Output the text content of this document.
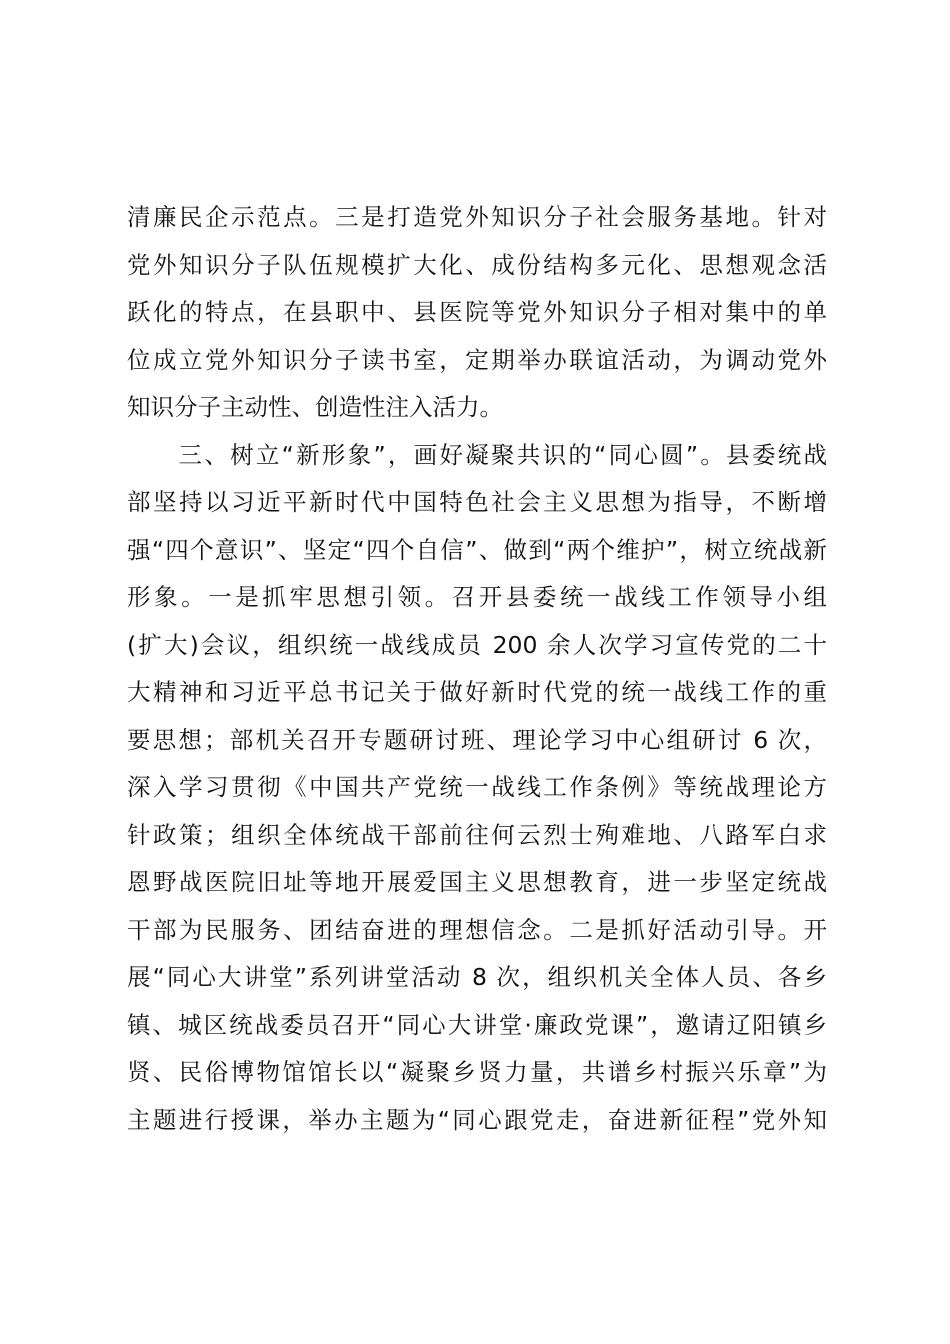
清廉民企示范点。三是打造党外知识分子社会服务基地。针对
党外知识分子队伍规模扩大化、成份结构多元化、思想观念活
跃化的特点，在县职中、县医院等党外知识分子相对集中的单
位成立党外知识分子读书室，定期举办联谊活动，为调动党外
知识分子主动性、创造性注入活力。
　　三、树立“新形象”，画好凝聚共识的“同心圆”。县委统战
部坚持以习近平新时代中国特色社会主义思想为指导，不断增
强“四个意识”、坚定“四个自信”、做到“两个维护”，树立统战新
形象。一是抓牢思想引领。召开县委统一战线工作领导小组
(扩大)会议，组织统一战线成员 200 余人次学习宣传党的二十
大精神和习近平总书记关于做好新时代党的统一战线工作的重
要思想；部机关召开专题研讨班、理论学习中心组研讨 6 次，
深入学习贯彻《中国共产党统一战线工作条例》等统战理论方
针政策；组织全体统战干部前往何云烈士殉难地、八路军白求
恩野战医院旧址等地开展爱国主义思想教育，进一步坚定统战
干部为民服务、团结奋进的理想信念。二是抓好活动引导。开
展“同心大讲堂”系列讲堂活动 8 次，组织机关全体人员、各乡
镇、城区统战委员召开“同心大讲堂·廉政党课”，邀请辽阳镇乡
贤、民俗博物馆馆长以“凝聚乡贤力量，共谱乡村振兴乐章”为
主题进行授课，举办主题为“同心跟党走，奋进新征程”党外知
